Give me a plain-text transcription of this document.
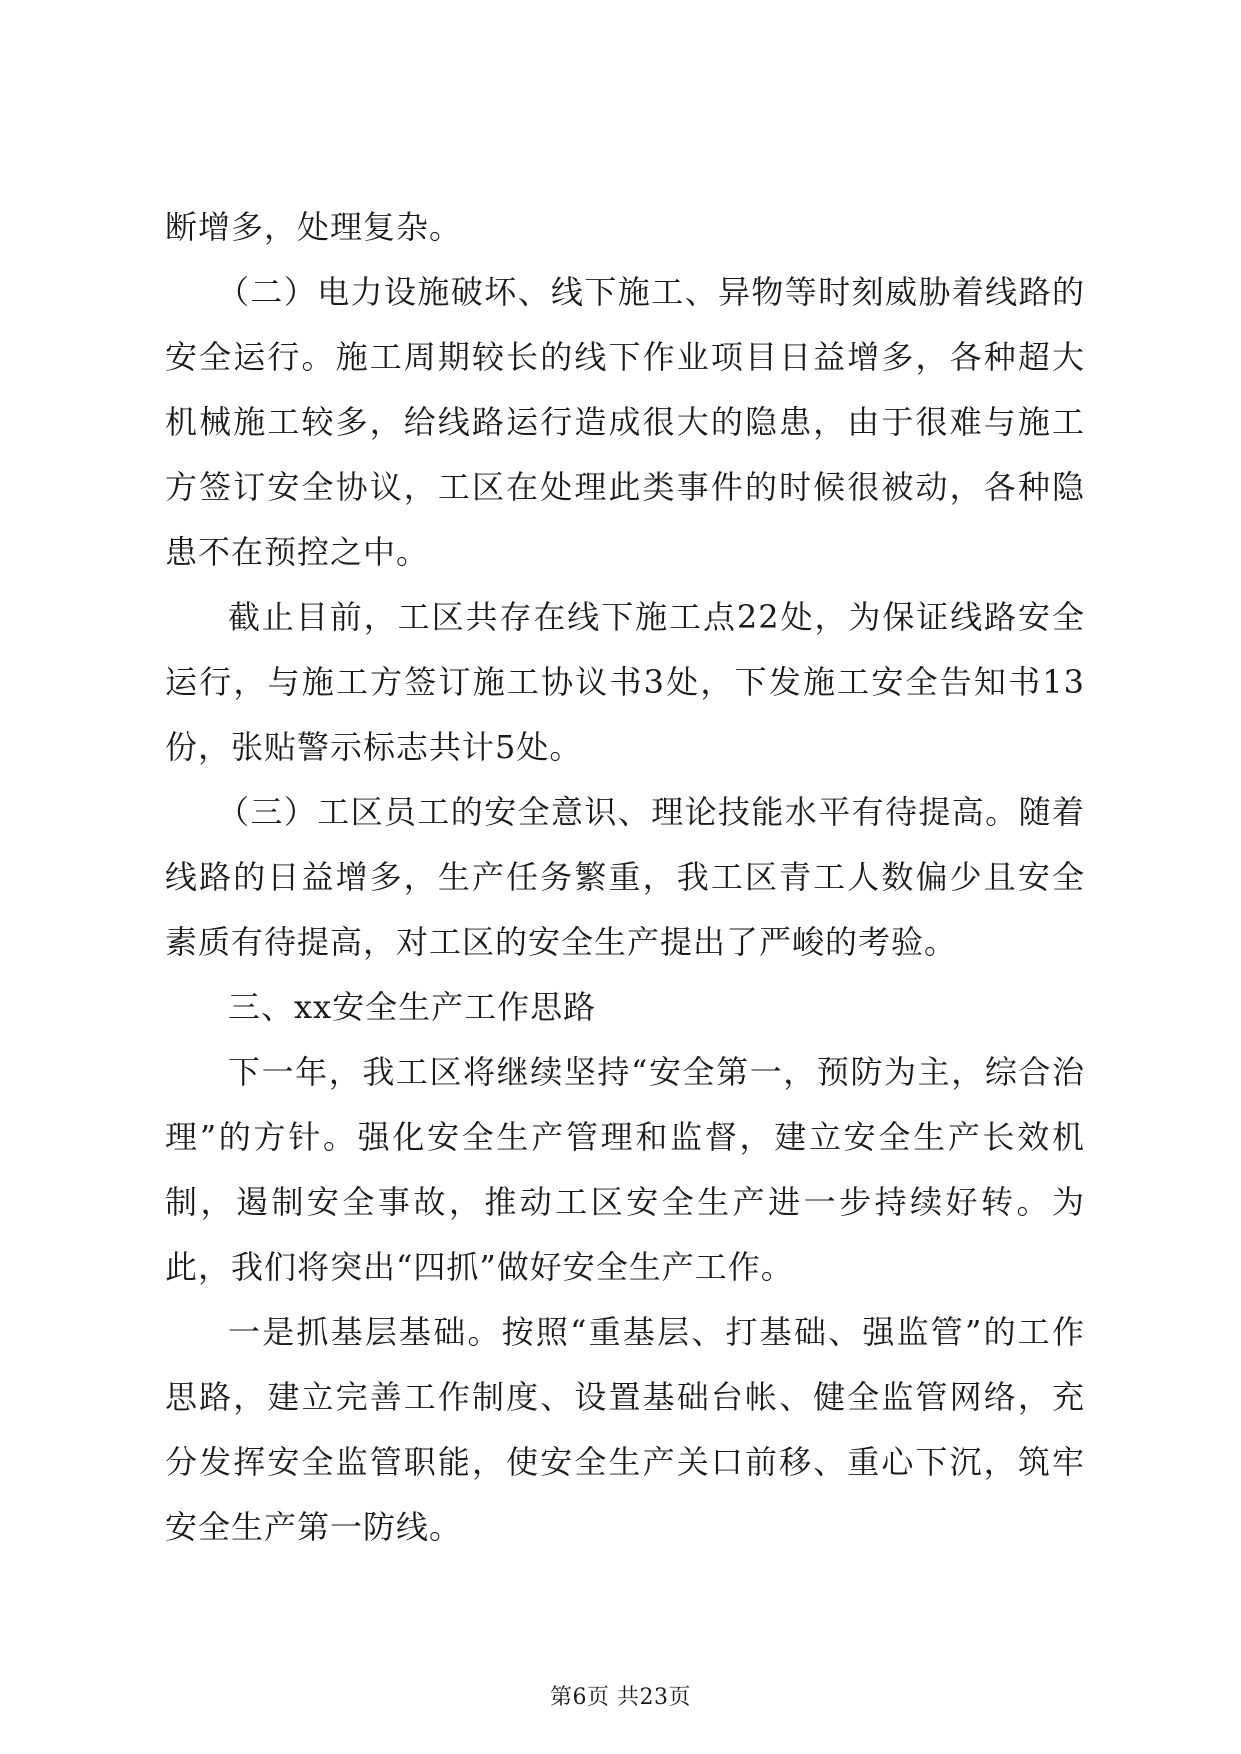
断增多，处理复杂。

（二）电力设施破坏、线下施工、异物等时刻威胁着线路的安全运行。施工周期较长的线下作业项目日益增多，各种超大机械施工较多，给线路运行造成很大的隐患，由于很难与施工方签订安全协议，工区在处理此类事件的时候很被动，各种隐患不在预控之中。

截止目前，工区共存在线下施工点22处，为保证线路安全运行，与施工方签订施工协议书3处，下发施工安全告知书13份，张贴警示标志共计5处。

（三）工区员工的安全意识、理论技能水平有待提高。随着线路的日益增多，生产任务繁重，我工区青工人数偏少且安全素质有待提高，对工区的安全生产提出了严峻的考验。

三、xx安全生产工作思路

下一年，我工区将继续坚持“安全第一，预防为主，综合治理”的方针。强化安全生产管理和监督，建立安全生产长效机制，遏制安全事故，推动工区安全生产进一步持续好转。为此，我们将突出“四抓”做好安全生产工作。

一是抓基层基础。按照“重基层、打基础、强监管”的工作思路，建立完善工作制度、设置基础台帐、健全监管网络，充分发挥安全监管职能，使安全生产关口前移、重心下沉，筑牢安全生产第一防线。

第6页 共23页
